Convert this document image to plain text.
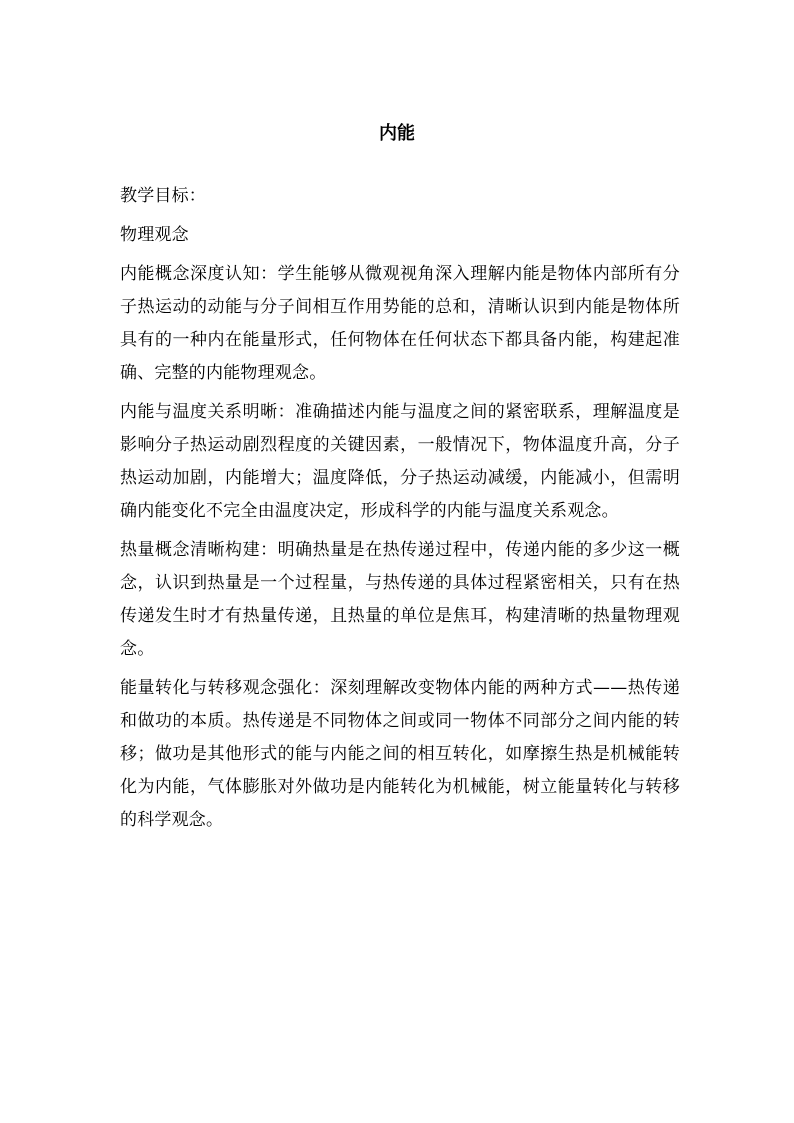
内能

教学目标：

物理观念

内能概念深度认知：学生能够从微观视角深入理解内能是物体内部所有分子热运动的动能与分子间相互作用势能的总和，清晰认识到内能是物体所具有的一种内在能量形式，任何物体在任何状态下都具备内能，构建起准确、完整的内能物理观念。

内能与温度关系明晰：准确描述内能与温度之间的紧密联系，理解温度是影响分子热运动剧烈程度的关键因素，一般情况下，物体温度升高，分子热运动加剧，内能增大；温度降低，分子热运动减缓，内能减小，但需明确内能变化不完全由温度决定，形成科学的内能与温度关系观念。

热量概念清晰构建：明确热量是在热传递过程中，传递内能的多少这一概念，认识到热量是一个过程量，与热传递的具体过程紧密相关，只有在热传递发生时才有热量传递，且热量的单位是焦耳，构建清晰的热量物理观念。

能量转化与转移观念强化：深刻理解改变物体内能的两种方式——热传递和做功的本质。热传递是不同物体之间或同一物体不同部分之间内能的转移；做功是其他形式的能与内能之间的相互转化，如摩擦生热是机械能转化为内能，气体膨胀对外做功是内能转化为机械能，树立能量转化与转移的科学观念。
